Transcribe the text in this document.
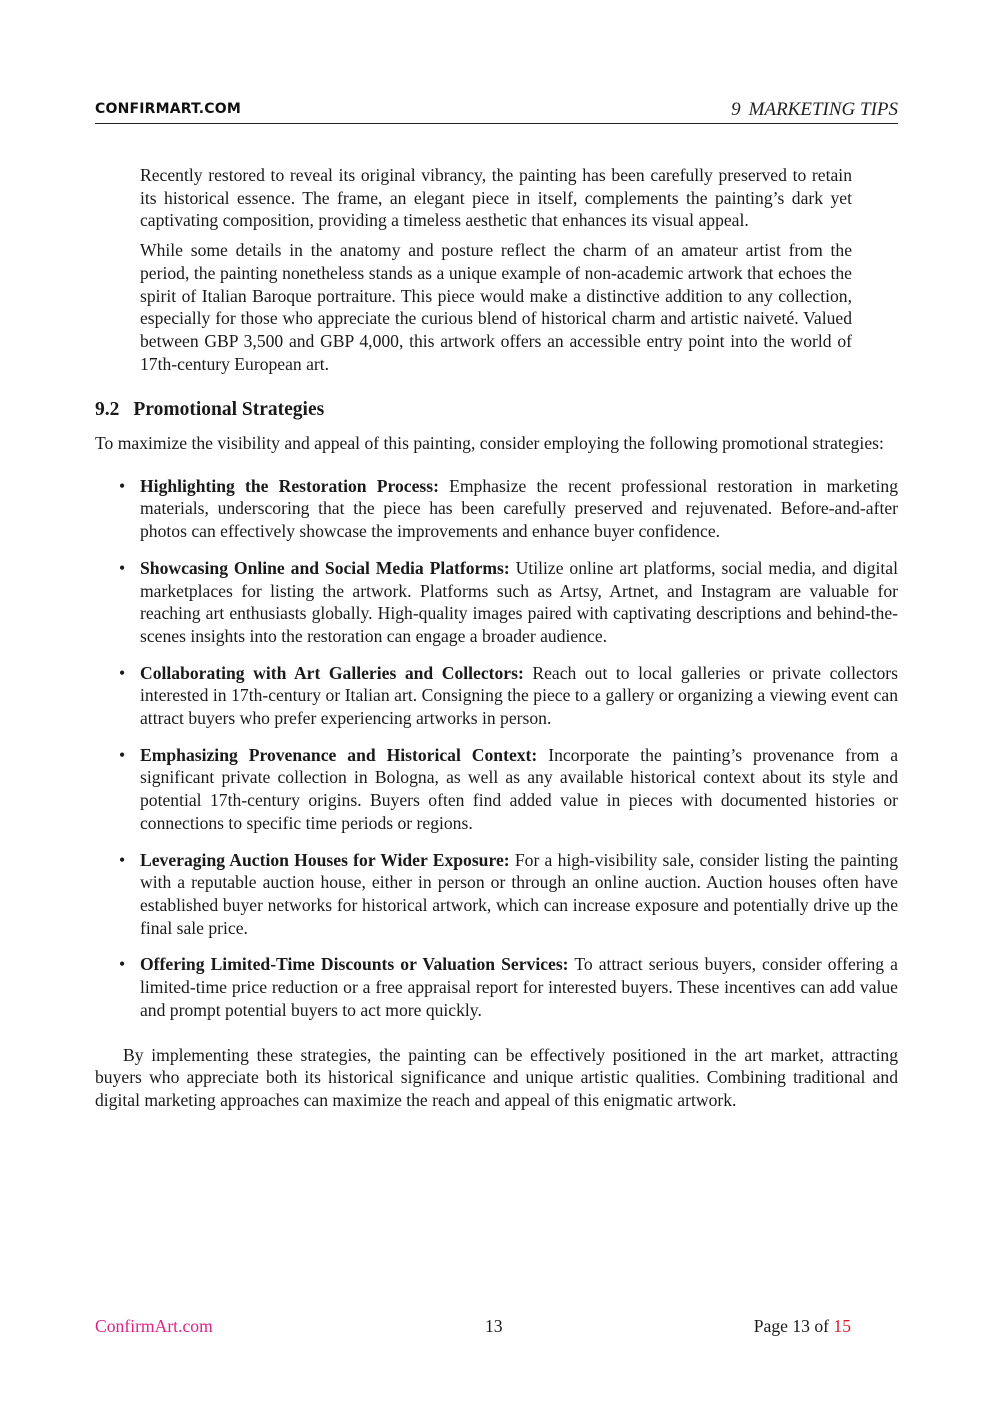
CONFIRMART.COM	9 MARKETING TIPS

Recently restored to reveal its original vibrancy, the painting has been carefully preserved to retain its historical essence. The frame, an elegant piece in itself, complements the painting’s dark yet captivating composition, providing a timeless aesthetic that enhances its visual appeal.

While some details in the anatomy and posture reflect the charm of an amateur artist from the period, the painting nonetheless stands as a unique example of non-academic artwork that echoes the spirit of Italian Baroque portraiture. This piece would make a distinctive addition to any collection, especially for those who appreciate the curious blend of historical charm and artistic naiveté. Valued between GBP 3,500 and GBP 4,000, this artwork offers an accessible entry point into the world of 17th-century European art.

9.2 Promotional Strategies

To maximize the visibility and appeal of this painting, consider employing the following promotional strategies:

• Highlighting the Restoration Process: Emphasize the recent professional restoration in marketing materials, underscoring that the piece has been carefully preserved and rejuvenated. Before-and-after photos can effectively showcase the improvements and enhance buyer confidence.
• Showcasing Online and Social Media Platforms: Utilize online art platforms, social media, and digital marketplaces for listing the artwork. Platforms such as Artsy, Artnet, and Instagram are valuable for reaching art enthusiasts globally. High-quality images paired with captivating descriptions and behind-the-scenes insights into the restoration can engage a broader audience.
• Collaborating with Art Galleries and Collectors: Reach out to local galleries or private collectors interested in 17th-century or Italian art. Consigning the piece to a gallery or organizing a viewing event can attract buyers who prefer experiencing artworks in person.
• Emphasizing Provenance and Historical Context: Incorporate the painting’s provenance from a significant private collection in Bologna, as well as any available historical context about its style and potential 17th-century origins. Buyers often find added value in pieces with documented histories or connections to specific time periods or regions.
• Leveraging Auction Houses for Wider Exposure: For a high-visibility sale, consider listing the painting with a reputable auction house, either in person or through an online auction. Auction houses often have established buyer networks for historical artwork, which can increase exposure and potentially drive up the final sale price.
• Offering Limited-Time Discounts or Valuation Services: To attract serious buyers, consider offering a limited-time price reduction or a free appraisal report for interested buyers. These incentives can add value and prompt potential buyers to act more quickly.

By implementing these strategies, the painting can be effectively positioned in the art market, attracting buyers who appreciate both its historical significance and unique artistic qualities. Combining traditional and digital marketing approaches can maximize the reach and appeal of this enigmatic artwork.

ConfirmArt.com	13	Page 13 of 15
